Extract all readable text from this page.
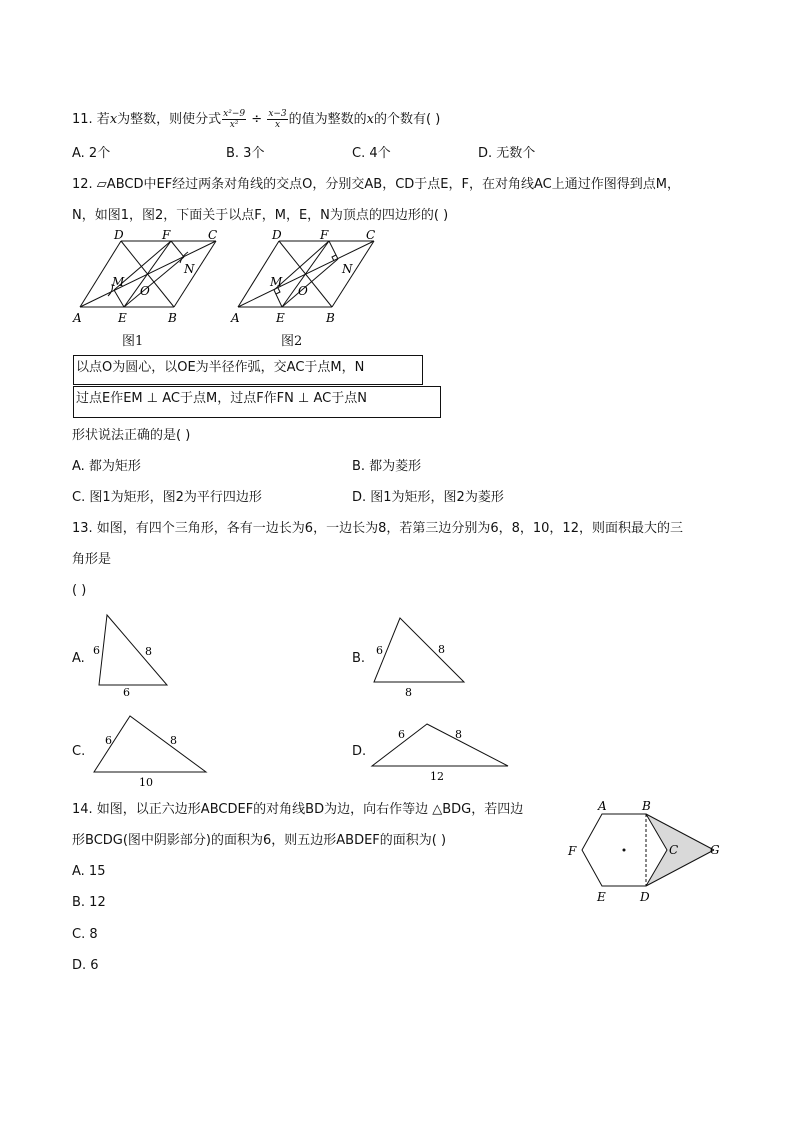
11. 若x为整数，则使分式 $\frac{\text{x²−9}}{\text{x²}} \div \frac{x-3}{x}$ 的值为整数的x的个数有( )
A. 2个	B. 3个	C. 4个	D. 无数个
12. ▱ABCD中EF经过两条对角线的交点O，分别交AB，CD于点E，F，在对角线AC上通过作图得到点M，
N，如图1，图2，下面关于以点F，M，E，N为顶点的四边形的( )
D	F	C
M
N
O
A	E	B
D	F	C
M
N
O
A	E	B
图1	图2
以点O为圆心，以OE为半径作弧，交AC于点M，N
过点E作EM ⊥ AC于点M，过点F作FN ⊥ AC于点N
形状说法正确的是( )
A. 都为矩形	B. 都为菱形
C. 图1为矩形，图2为平行四边形	D. 图1为矩形，图2为菱形
13. 如图，有四个三角形，各有一边长为6，一边长为8，若第三边分别为6，8，10，12，则面积最大的三
角形是
( )
A.
6	8
6
B.
6	8
8
C.
6	8
10
D.
6	8
12
14. 如图，以正六边形ABCDEF的对角线BD为边，向右作等边 △BDG，若四边
形BCDG(图中阴影部分)的面积为6，则五边形ABDEF的面积为( )
A. 15
B. 12
C. 8
D. 6
A	B
C
D
E
F	G
